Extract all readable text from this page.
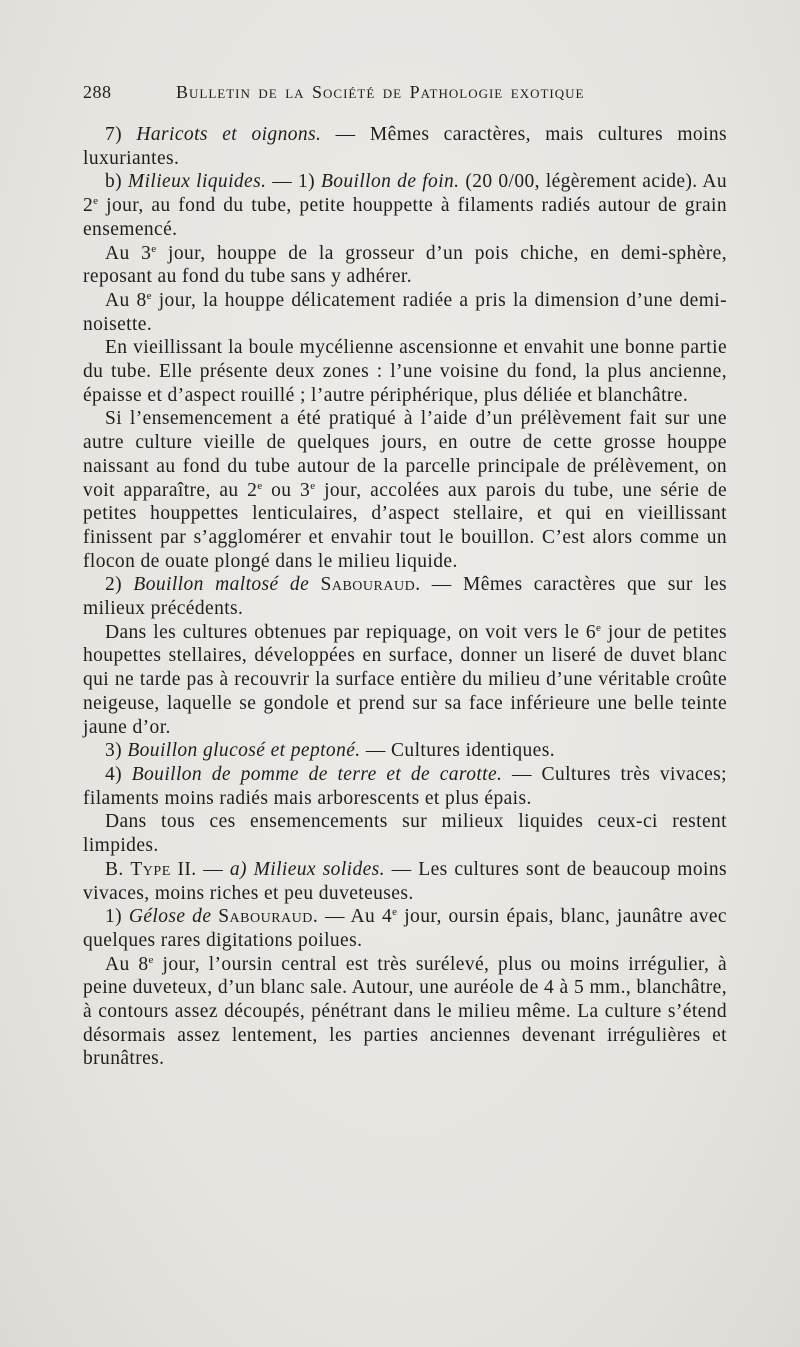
288	Bulletin de la Société de Pathologie exotique

7) Haricots et oignons. — Mêmes caractères, mais cultures moins luxuriantes.

b) Milieux liquides. — 1) Bouillon de foin. (20 0/00, légèrement acide). Au 2e jour, au fond du tube, petite houppette à filaments radiés autour de grain ensemencé.

Au 3e jour, houppe de la grosseur d’un pois chiche, en demi-sphère, reposant au fond du tube sans y adhérer.

Au 8e jour, la houppe délicatement radiée a pris la dimension d’une demi-noisette.

En vieillissant la boule mycélienne ascensionne et envahit une bonne partie du tube. Elle présente deux zones : l’une voisine du fond, la plus ancienne, épaisse et d’aspect rouillé ; l’autre périphérique, plus déliée et blanchâtre.

Si l’ensemencement a été pratiqué à l’aide d’un prélèvement fait sur une autre culture vieille de quelques jours, en outre de cette grosse houppe naissant au fond du tube autour de la parcelle principale de prélèvement, on voit apparaître, au 2e ou 3e jour, accolées aux parois du tube, une série de petites houppettes lenticulaires, d’aspect stellaire, et qui en vieillissant finissent par s’agglomérer et envahir tout le bouillon. C’est alors comme un flocon de ouate plongé dans le milieu liquide.

2) Bouillon maltosé de Sabouraud. — Mêmes caractères que sur les milieux précédents.

Dans les cultures obtenues par repiquage, on voit vers le 6e jour de petites houpettes stellaires, développées en surface, donner un liseré de duvet blanc qui ne tarde pas à recouvrir la surface entière du milieu d’une véritable croûte neigeuse, laquelle se gondole et prend sur sa face inférieure une belle teinte jaune d’or.

3) Bouillon glucosé et peptoné. — Cultures identiques.

4) Bouillon de pomme de terre et de carotte. — Cultures très vivaces; filaments moins radiés mais arborescents et plus épais.

Dans tous ces ensemencements sur milieux liquides ceux-ci restent limpides.

B. Type II. — a) Milieux solides. — Les cultures sont de beaucoup moins vivaces, moins riches et peu duveteuses.

1) Gélose de Sabouraud. — Au 4e jour, oursin épais, blanc, jaunâtre avec quelques rares digitations poilues.

Au 8e jour, l’oursin central est très surélevé, plus ou moins irrégulier, à peine duveteux, d’un blanc sale. Autour, une auréole de 4 à 5 mm., blanchâtre, à contours assez découpés, pénétrant dans le milieu même. La culture s’étend désormais assez lentement, les parties anciennes devenant irrégulières et brunâtres.
